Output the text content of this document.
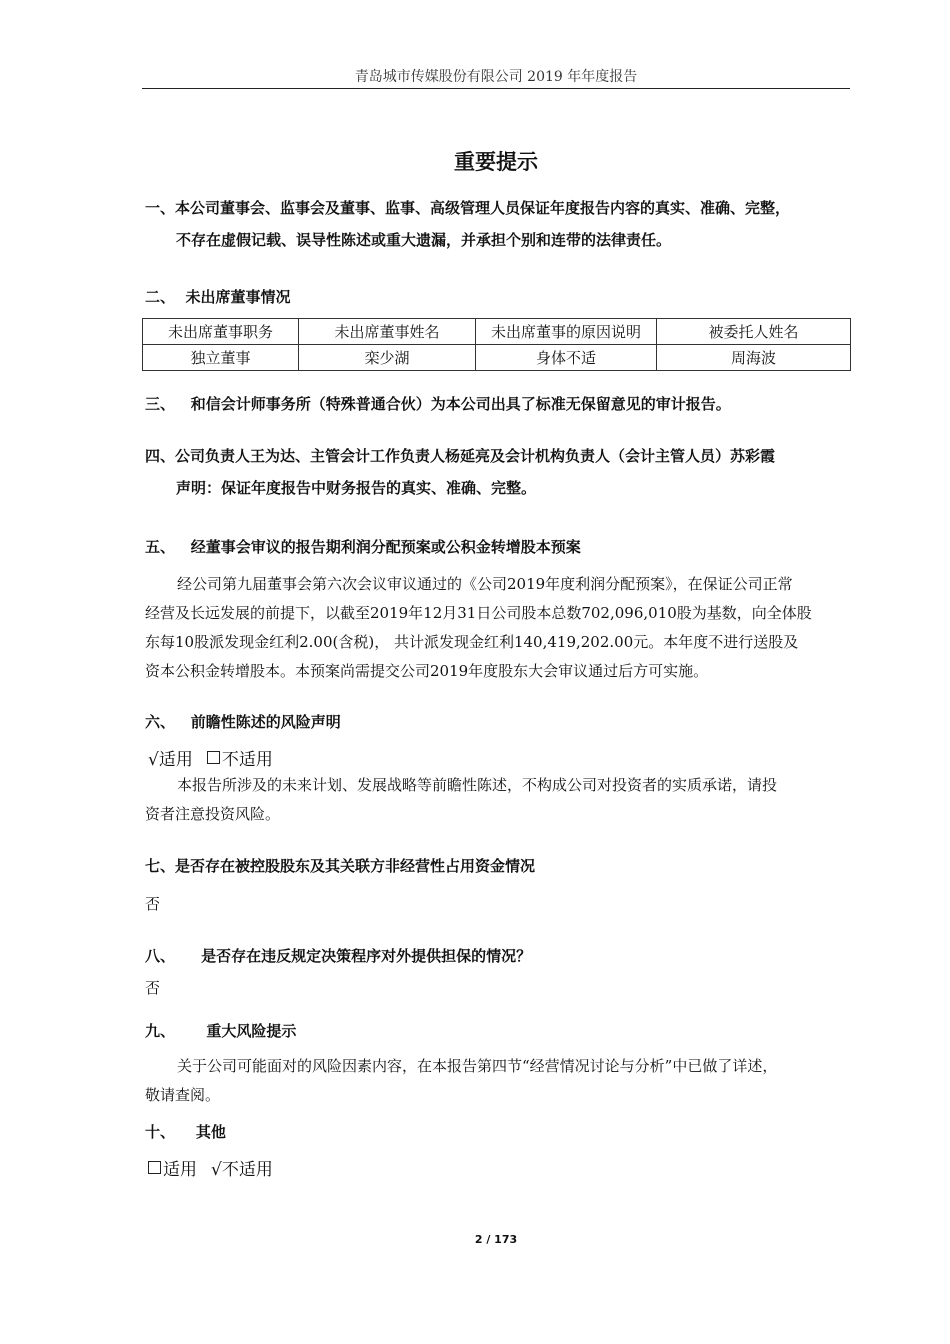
青岛城市传媒股份有限公司 2019 年年度报告
重要提示
一、本公司董事会、监事会及董事、监事、高级管理人员保证年度报告内容的真实、准确、完整，
不存在虚假记载、误导性陈述或重大遗漏，并承担个别和连带的法律责任。
二、 未出席董事情况
未出席董事职务	未出席董事姓名	未出席董事的原因说明	被委托人姓名
独立董事	栾少湖	身体不适	周海波
三、 和信会计师事务所（特殊普通合伙）为本公司出具了标准无保留意见的审计报告。
四、公司负责人王为达、主管会计工作负责人杨延亮及会计机构负责人（会计主管人员）苏彩霞
声明：保证年度报告中财务报告的真实、准确、完整。
五、 经董事会审议的报告期利润分配预案或公积金转增股本预案
经公司第九届董事会第六次会议审议通过的《公司2019年度利润分配预案》，在保证公司正常
经营及长远发展的前提下，以截至2019年12月31日公司股本总数702,096,010股为基数，向全体股
东每10股派发现金红利2.00(含税)， 共计派发现金红利140,419,202.00元。本年度不进行送股及
资本公积金转增股本。本预案尚需提交公司2019年度股东大会审议通过后方可实施。
六、 前瞻性陈述的风险声明
√适用 不适用
本报告所涉及的未来计划、发展战略等前瞻性陈述，不构成公司对投资者的实质承诺，请投
资者注意投资风险。
七、是否存在被控股股东及其关联方非经营性占用资金情况
否
八、 是否存在违反规定决策程序对外提供担保的情况？
否
九、 重大风险提示
关于公司可能面对的风险因素内容，在本报告第四节“经营情况讨论与分析”中已做了详述，
敬请查阅。
十、 其他
适用 √不适用
2 / 173
